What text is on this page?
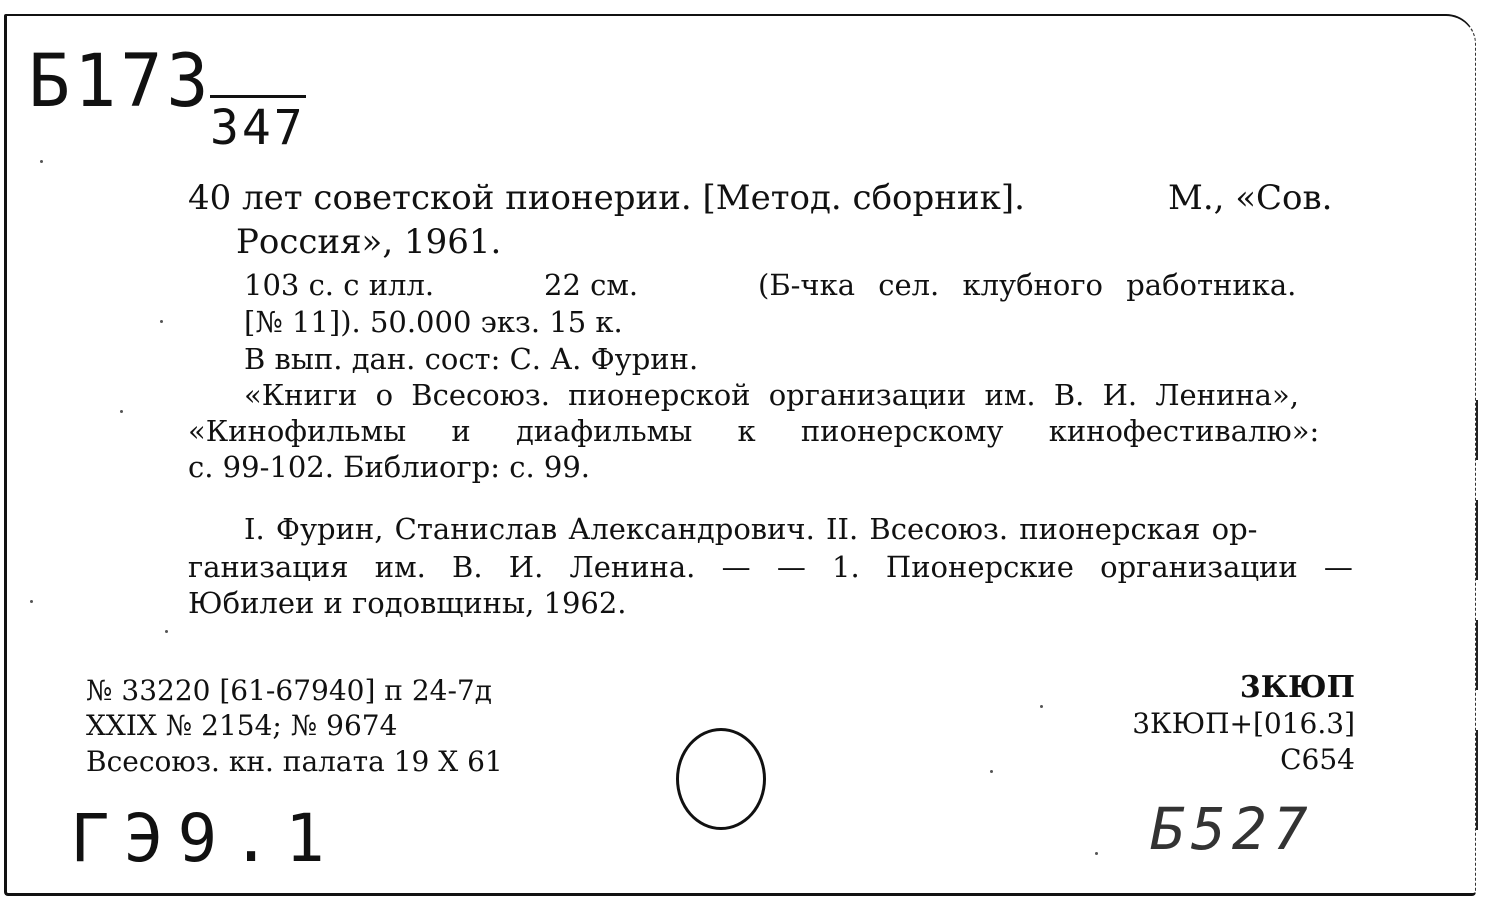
Б173
347
ГЭ9.1	Б527
40 лет советской пионерии. [Метод. сборник].	М., «Сов.
Россия», 1961.
103 с. с илл.	22 см.	(Б-чка сел. клубного работника.
[№ 11]). 50.000 экз. 15 к.
В вып. дан. сост: С. А. Фурин.
«Книги о Всесоюз. пионерской организации им. В. И. Ленина»,
«Кинофильмы и диафильмы к пионерскому кинофестивалю»:
с. 99-102. Библиогр: с. 99.
I. Фурин, Станислав Александрович. II. Всесоюз. пионерская ор-
ганизация им. В. И. Ленина. — — 1. Пионерские организации —
Юбилеи и годовщины, 1962.
№ 33220 [61-67940] п 24-7д
XXIX № 2154; № 9674
Всесоюз. кн. палата 19 X 61
3КЮП
3КЮП+[016.3]
С654
